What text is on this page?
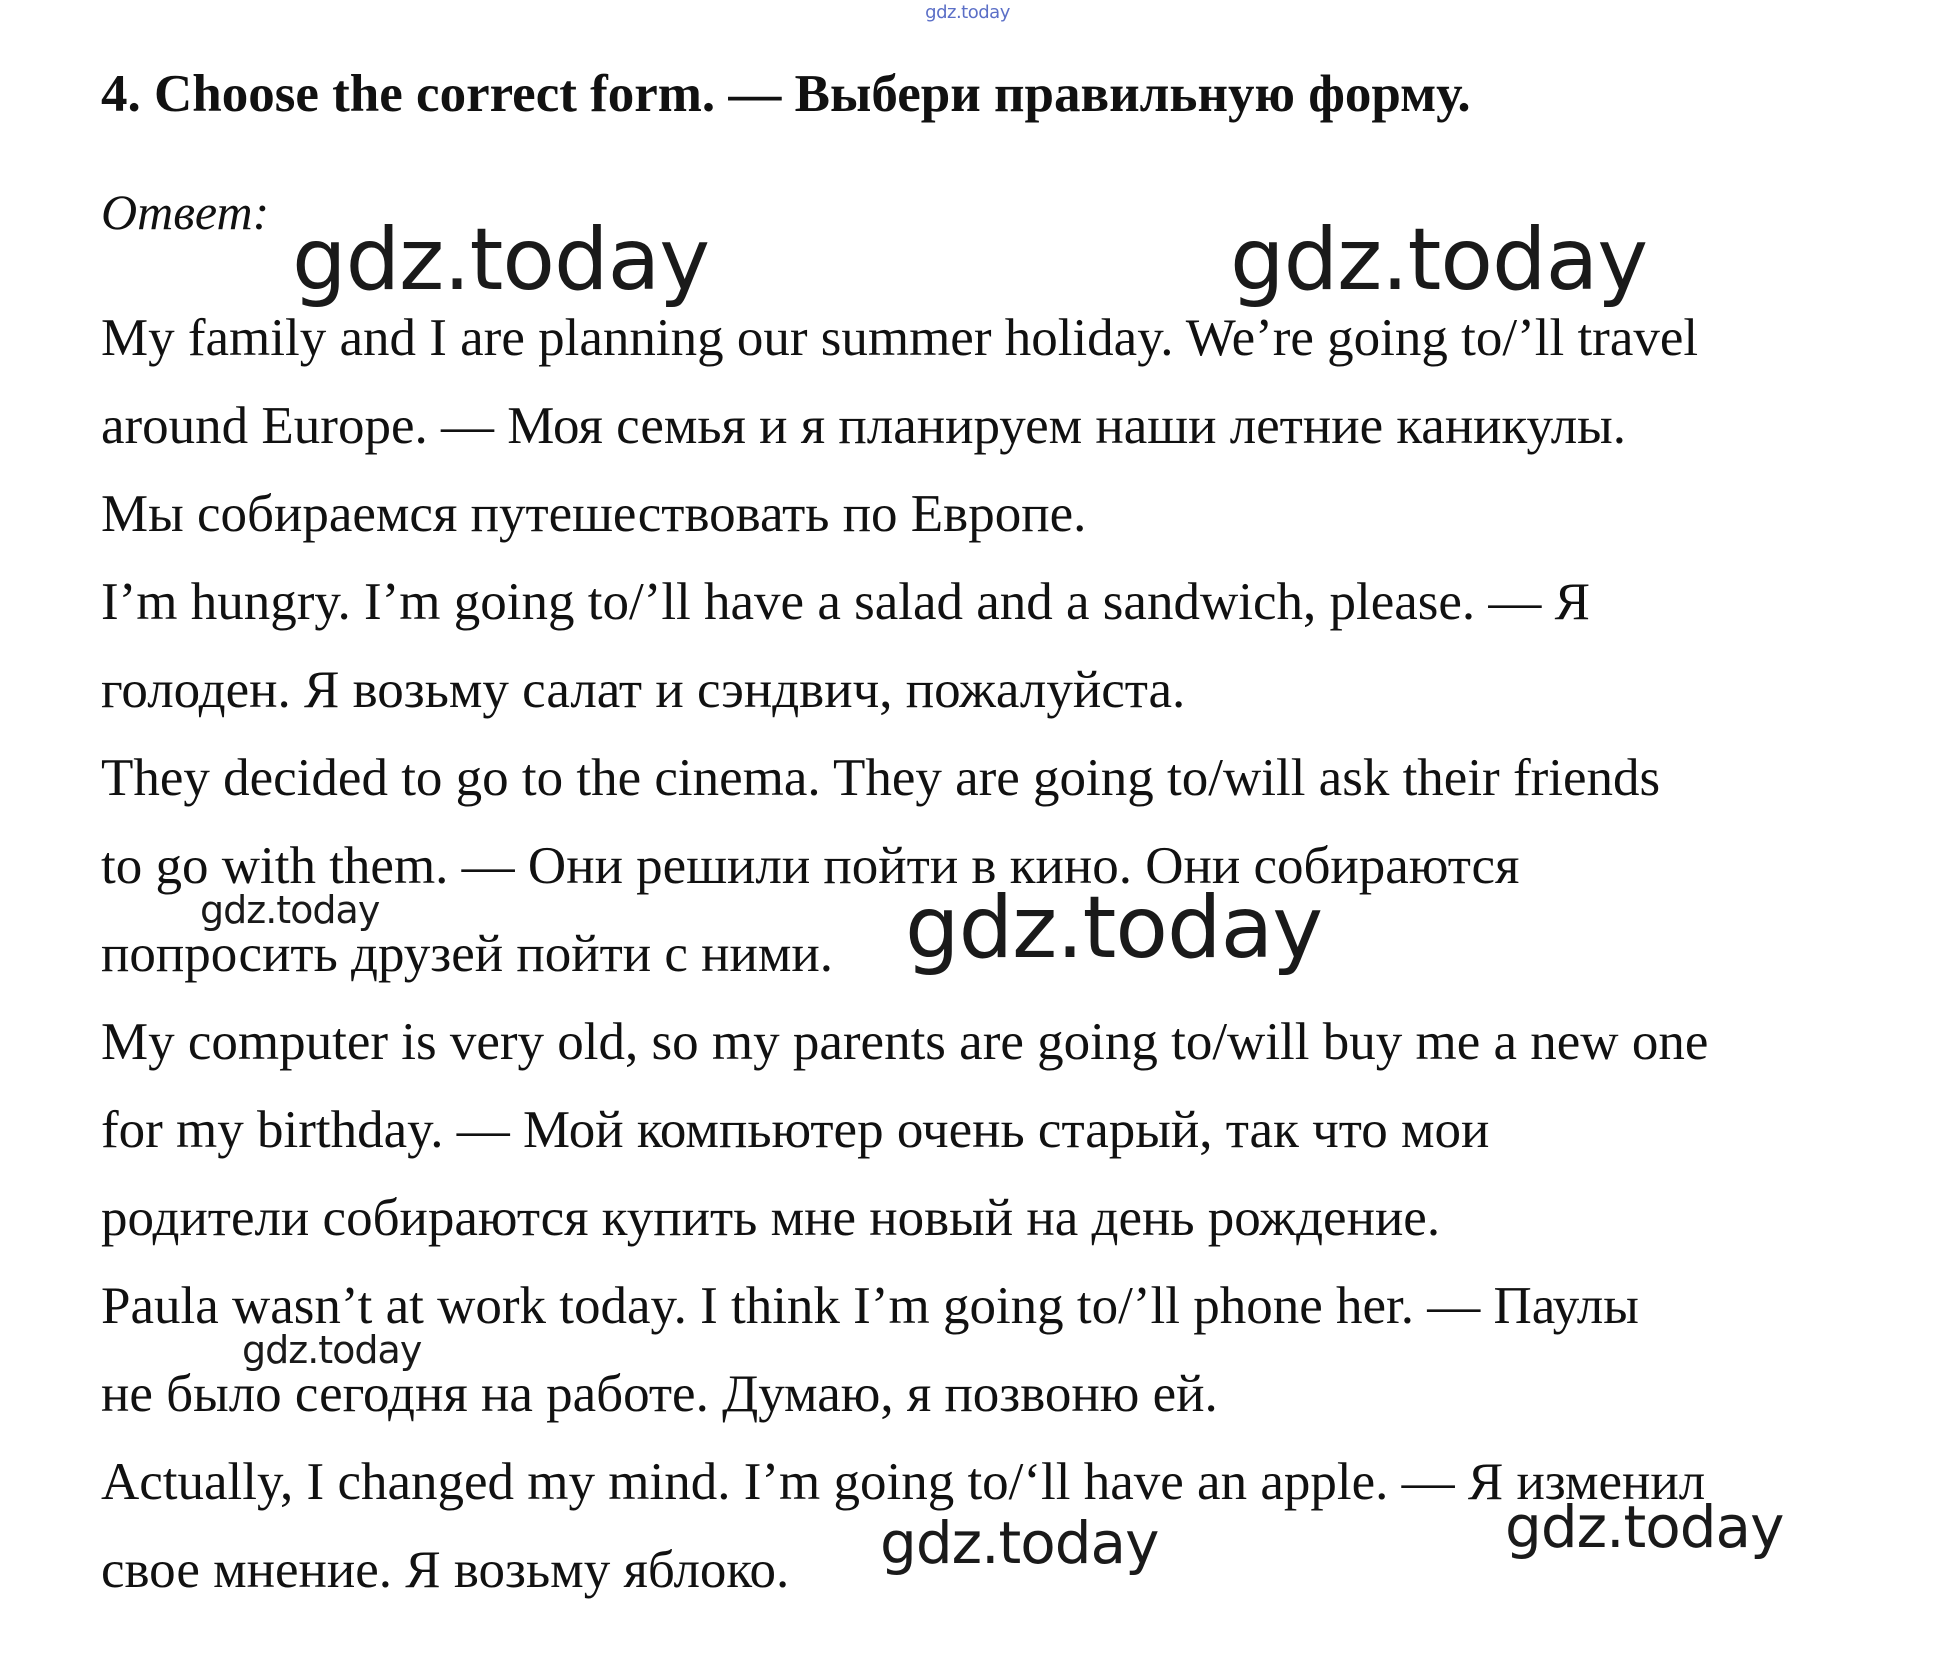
gdz.today
4. Choose the correct form. — Выбери правильную форму.
Ответ:
My family and I are planning our summer holiday. We’re going to/’ll travel
around Europe. — Моя семья и я планируем наши летние каникулы.
Мы собираемся путешествовать по Европе.
I’m hungry. I’m going to/’ll have a salad and a sandwich, please. — Я
голоден. Я возьму салат и сэндвич, пожалуйста.
They decided to go to the cinema. They are going to/will ask their friends
to go with them. — Они решили пойти в кино. Они собираются
попросить друзей пойти с ними.
My computer is very old, so my parents are going to/will buy me a new one
for my birthday. — Мой компьютер очень старый, так что мои
родители собираются купить мне новый на день рождение.
Paula wasn’t at work today. I think I’m going to/’ll phone her. — Паулы
не было сегодня на работе. Думаю, я позвоню ей.
Actually, I changed my mind. I’m going to/‘ll have an apple. — Я изменил
свое мнение. Я возьму яблоко.
gdz.today	gdz.today
gdz.today	gdz.today
gdz.today
gdz.today	gdz.today
